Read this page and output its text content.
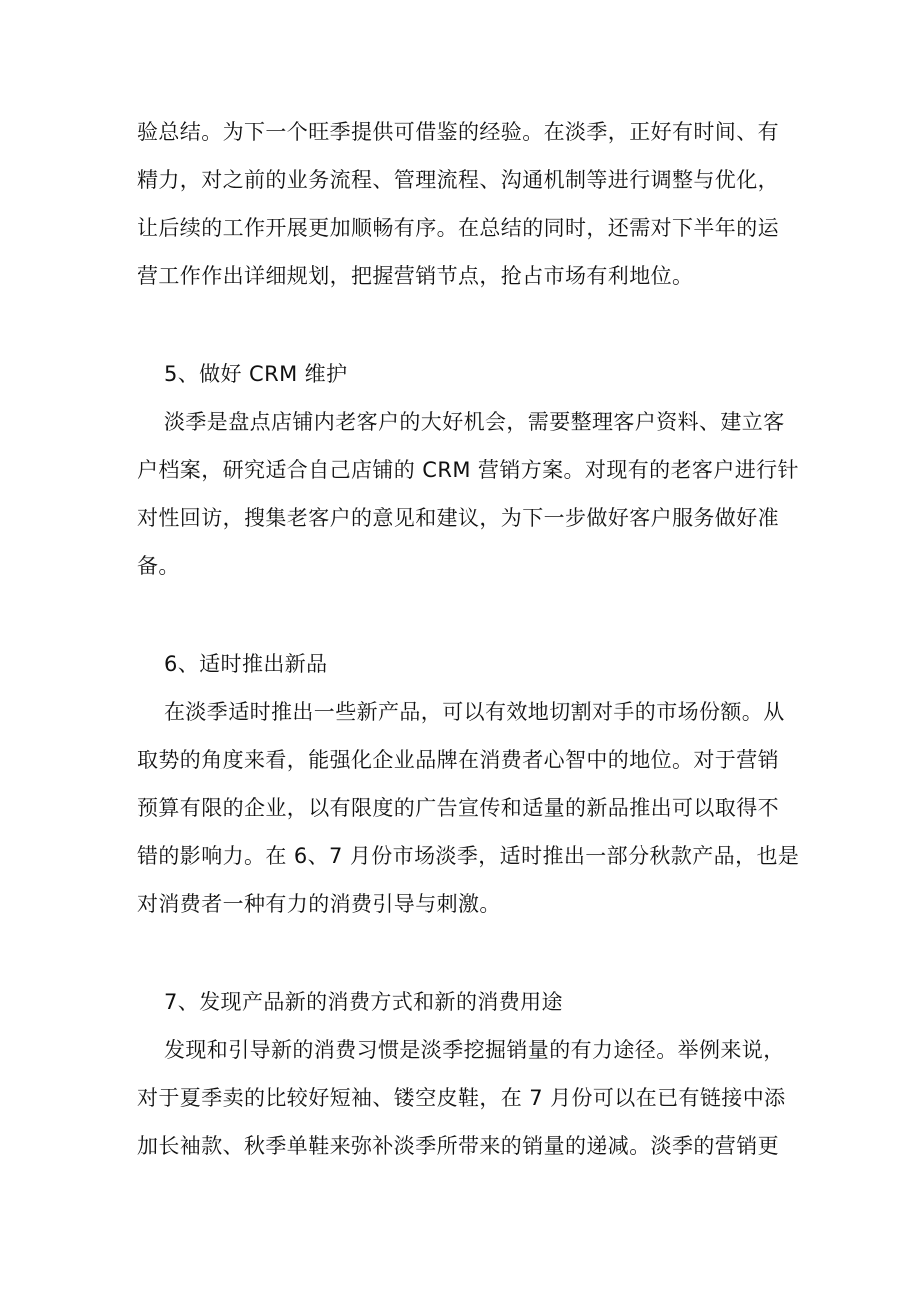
验总结。为下一个旺季提供可借鉴的经验。在淡季，正好有时间、有
精力，对之前的业务流程、管理流程、沟通机制等进行调整与优化，
让后续的工作开展更加顺畅有序。在总结的同时，还需对下半年的运
营工作作出详细规划，把握营销节点，抢占市场有利地位。
5、做好 CRM 维护
淡季是盘点店铺内老客户的大好机会，需要整理客户资料、建立客
户档案，研究适合自己店铺的 CRM 营销方案。对现有的老客户进行针
对性回访，搜集老客户的意见和建议，为下一步做好客户服务做好准
备。
6、适时推出新品
在淡季适时推出一些新产品，可以有效地切割对手的市场份额。从
取势的角度来看，能强化企业品牌在消费者心智中的地位。对于营销
预算有限的企业，以有限度的广告宣传和适量的新品推出可以取得不
错的影响力。在 6、7 月份市场淡季，适时推出一部分秋款产品，也是
对消费者一种有力的消费引导与刺激。
7、发现产品新的消费方式和新的消费用途
发现和引导新的消费习惯是淡季挖掘销量的有力途径。举例来说，
对于夏季卖的比较好短袖、镂空皮鞋，在 7 月份可以在已有链接中添
加长袖款、秋季单鞋来弥补淡季所带来的销量的递减。淡季的营销更
